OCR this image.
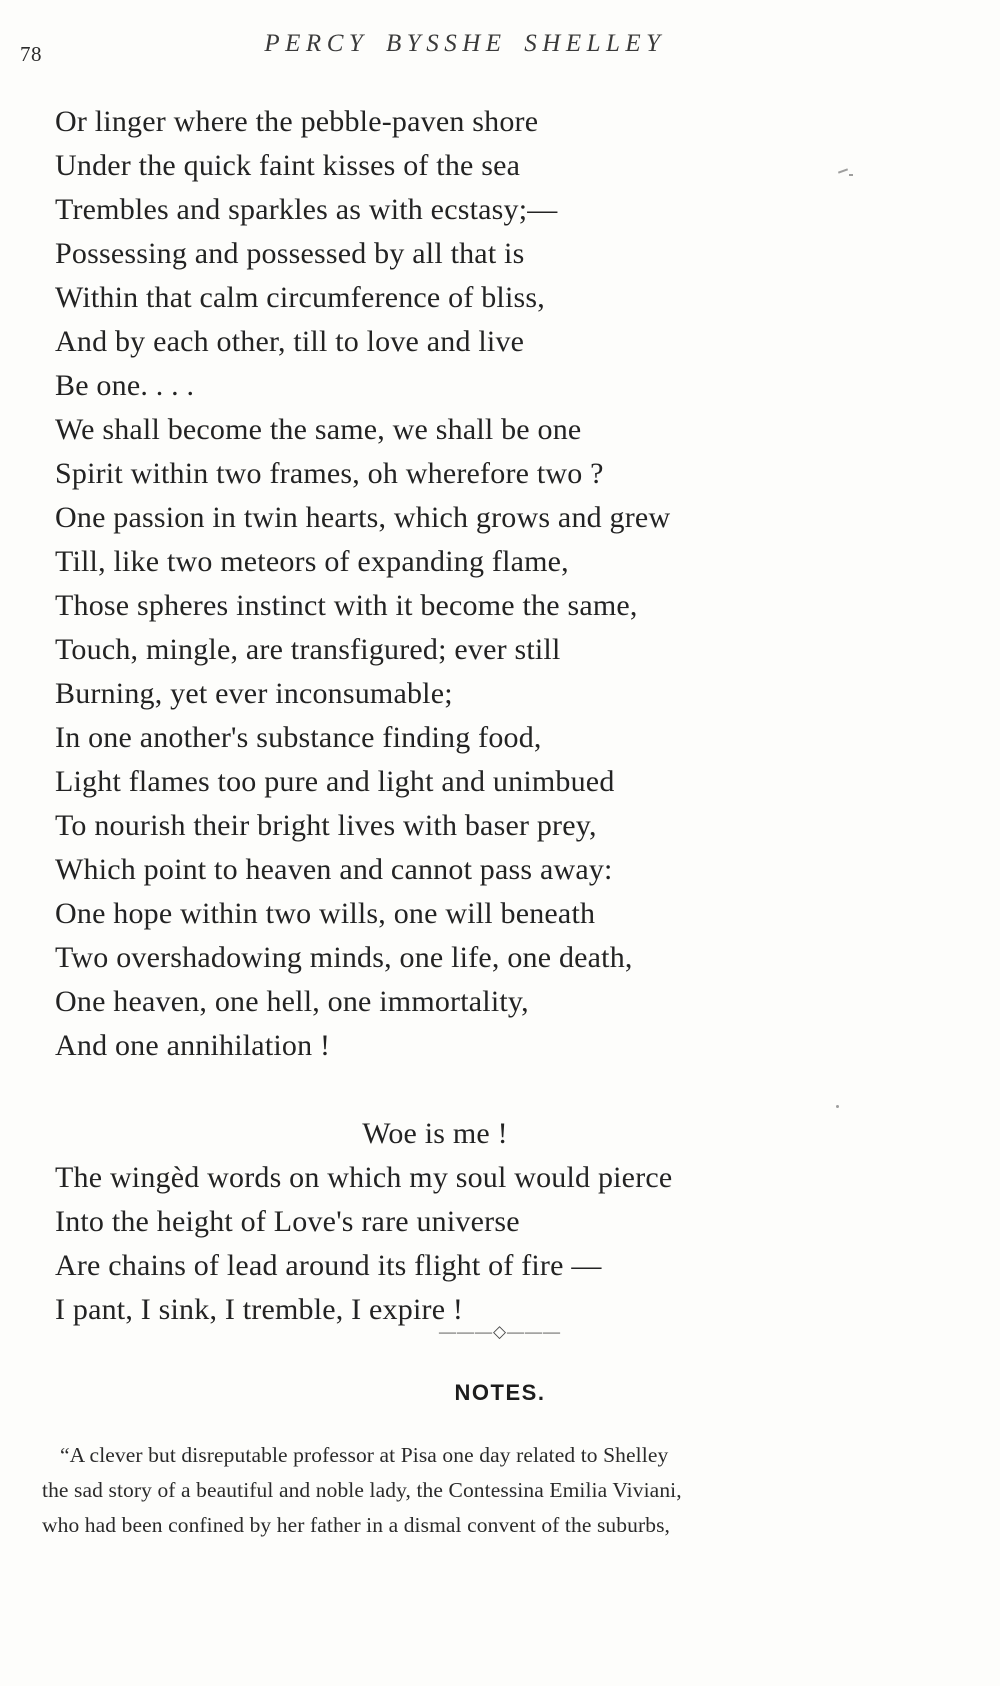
78	PERCY BYSSHE SHELLEY
Or linger where the pebble-paven shore
Under the quick faint kisses of the sea
Trembles and sparkles as with ecstasy;—
Possessing and possessed by all that is
Within that calm circumference of bliss,
And by each other, till to love and live
Be one. . . .
We shall become the same, we shall be one
Spirit within two frames, oh wherefore two ?
One passion in twin hearts, which grows and grew
Till, like two meteors of expanding flame,
Those spheres instinct with it become the same,
Touch, mingle, are transfigured; ever still
Burning, yet ever inconsumable;
In one another's substance finding food,
Light flames too pure and light and unimbued
To nourish their bright lives with baser prey,
Which point to heaven and cannot pass away:
One hope within two wills, one will beneath
Two overshadowing minds, one life, one death,
One heaven, one hell, one immortality,
And one annihilation !
Woe is me !
The wingèd words on which my soul would pierce
Into the height of Love's rare universe
Are chains of lead around its flight of fire —
I pant, I sink, I tremble, I expire !
———◇———
NOTES.
“A clever but disreputable professor at Pisa one day related to Shelley
the sad story of a beautiful and noble lady, the Contessina Emilia Viviani,
who had been confined by her father in a dismal convent of the suburbs,
